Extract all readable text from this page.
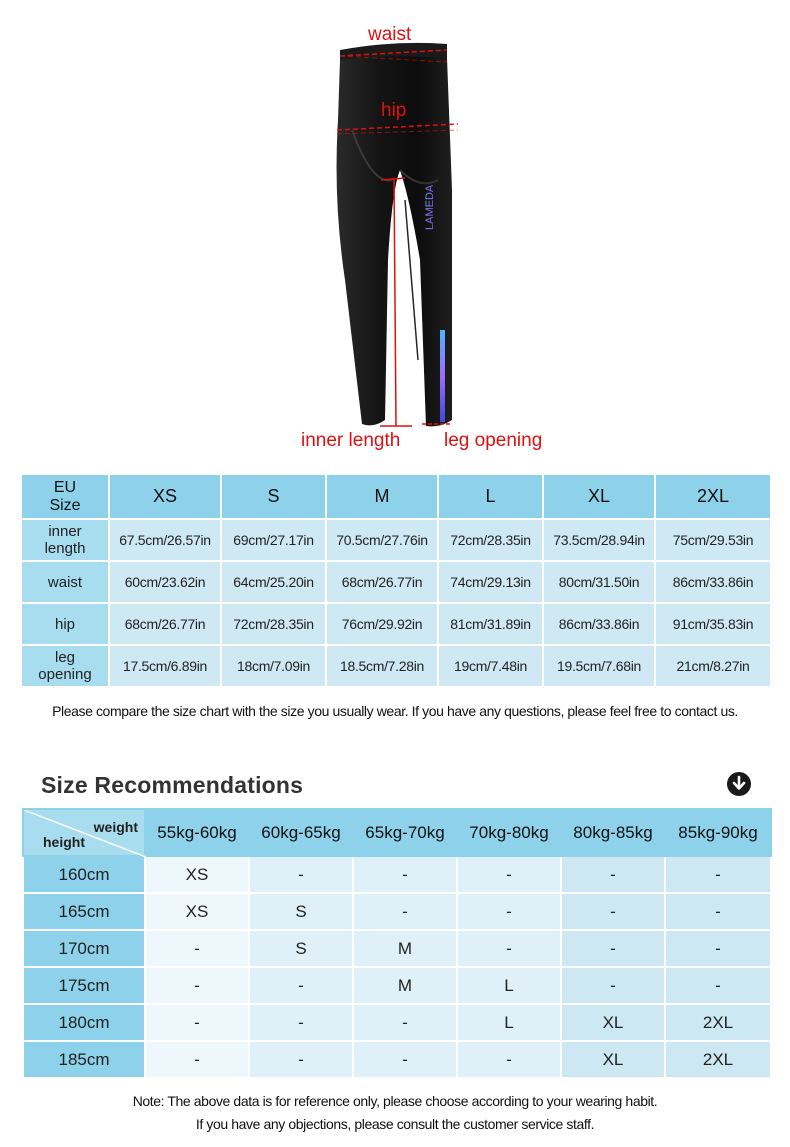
LAMEDA
waist
hip
inner length leg opening
EU
Size	XS	S	M	L	XL	2XL
inner
length	67.5cm/26.57in	69cm/27.17in	70.5cm/27.76in	72cm/28.35in	73.5cm/28.94in	75cm/29.53in
waist	60cm/23.62in	64cm/25.20in	68cm/26.77in	74cm/29.13in	80cm/31.50in	86cm/33.86in
hip	68cm/26.77in	72cm/28.35in	76cm/29.92in	81cm/31.89in	86cm/33.86in	91cm/35.83in
leg
opening	17.5cm/6.89in	18cm/7.09in	18.5cm/7.28in	19cm/7.48in	19.5cm/7.68in	21cm/8.27in

Please compare the size chart with the size you usually wear. If you have any questions, please feel free to contact us.

Size Recommendations
weight
height	55kg-60kg	60kg-65kg	65kg-70kg	70kg-80kg	80kg-85kg	85kg-90kg
160cm	XS	-	-	-	-	-
165cm	XS	S	-	-	-	-
170cm	-	S	M	-	-	-
175cm	-	-	M	L	-	-
180cm	-	-	-	L	XL	2XL
185cm	-	-	-	-	XL	2XL
Note: The above data is for reference only, please choose according to your wearing habit.
If you have any objections, please consult the customer service staff.
